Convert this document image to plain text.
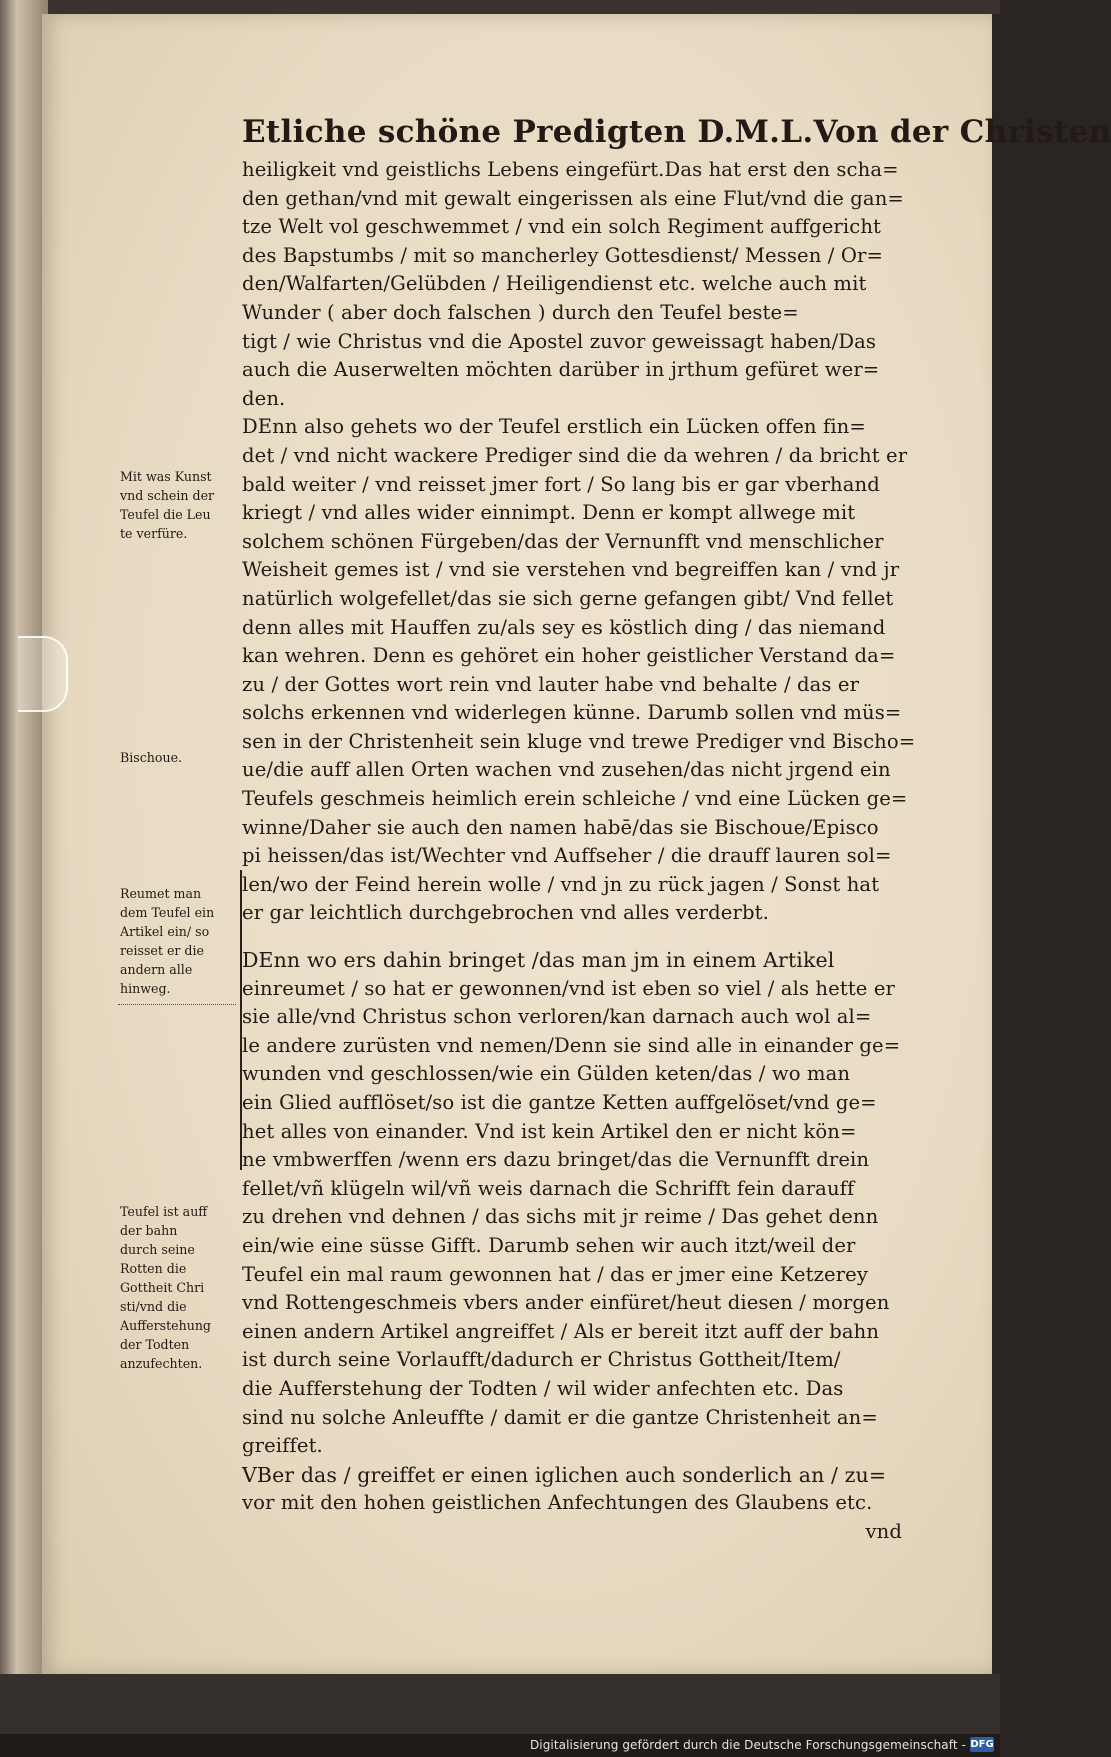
Etliche schöne Predigten D.M.L.Von der Christen
heiligkeit vnd geistlichs Lebens eingefürt.Das hat erst den scha=
den gethan/vnd mit gewalt eingerissen als eine Flut/vnd die gan=
tze Welt vol geschwemmet / vnd ein solch Regiment auffgericht
des Bapstumbs / mit so mancherley Gottesdienst/ Messen / Or=
den/Walfarten/Gelübden / Heiligendienst etc. welche auch mit
Wunder ( aber doch falschen ) durch den Teufel beste=
tigt / wie Christus vnd die Apostel zuvor geweissagt haben/Das
auch die Auserwelten möchten darüber in jrthum gefüret wer=
den.
DEnn also gehets wo der Teufel erstlich ein Lücken offen fin=
det / vnd nicht wackere Prediger sind die da wehren / da bricht er
bald weiter / vnd reisset jmer fort / So lang bis er gar vberhand
kriegt / vnd alles wider einnimpt. Denn er kompt allwege mit
solchem schönen Fürgeben/das der Vernunfft vnd menschlicher
Weisheit gemes ist / vnd sie verstehen vnd begreiffen kan / vnd jr
natürlich wolgefellet/das sie sich gerne gefangen gibt/ Vnd fellet
denn alles mit Hauffen zu/als sey es köstlich ding / das niemand
kan wehren. Denn es gehöret ein hoher geistlicher Verstand da=
zu / der Gottes wort rein vnd lauter habe vnd behalte / das er
solchs erkennen vnd widerlegen künne. Darumb sollen vnd müs=
sen in der Christenheit sein kluge vnd trewe Prediger vnd Bischo=
ue/die auff allen Orten wachen vnd zusehen/das nicht jrgend ein
Teufels geschmeis heimlich erein schleiche / vnd eine Lücken ge=
winne/Daher sie auch den namen habē/das sie Bischoue/Episco
pi heissen/das ist/Wechter vnd Auffseher / die drauff lauren sol=
len/wo der Feind herein wolle / vnd jn zu rück jagen / Sonst hat
er gar leichtlich durchgebrochen vnd alles verderbt.
DEnn wo ers dahin bringet /das man jm in einem Artikel
einreumet / so hat er gewonnen/vnd ist eben so viel / als hette er
sie alle/vnd Christus schon verloren/kan darnach auch wol al=
le andere zurüsten vnd nemen/Denn sie sind alle in einander ge=
wunden vnd geschlossen/wie ein Gülden keten/das / wo man
ein Glied aufflöset/so ist die gantze Ketten auffgelöset/vnd ge=
het alles von einander. Vnd ist kein Artikel den er nicht kön=
ne vmbwerffen /wenn ers dazu bringet/das die Vernunfft drein
fellet/vñ klügeln wil/vñ weis darnach die Schrifft fein darauff
zu drehen vnd dehnen / das sichs mit jr reime / Das gehet denn
ein/wie eine süsse Gifft. Darumb sehen wir auch itzt/weil der
Teufel ein mal raum gewonnen hat / das er jmer eine Ketzerey
vnd Rottengeschmeis vbers ander einfüret/heut diesen / morgen
einen andern Artikel angreiffet / Als er bereit itzt auff der bahn
ist durch seine Vorlaufft/dadurch er Christus Gottheit/Item/
die Aufferstehung der Todten / wil wider anfechten etc. Das
sind nu solche Anleuffte / damit er die gantze Christenheit an=
greiffet.
VBer das / greiffet er einen iglichen auch sonderlich an / zu=
vor mit den hohen geistlichen Anfechtungen des Glaubens etc.
vnd
Mit was Kunst
vnd schein der
Teufel die Leu
te verfüre.
Bischoue.
Reumet man
dem Teufel ein
Artikel ein/ so
reisset er die
andern alle
hinweg.
Teufel ist auff
der bahn
durch seine
Rotten die
Gottheit Chri
sti/vnd die
Aufferstehung
der Todten
anzufechten.
Digitalisierung gefördert durch die Deutsche Forschungsgemeinschaft - DFG
